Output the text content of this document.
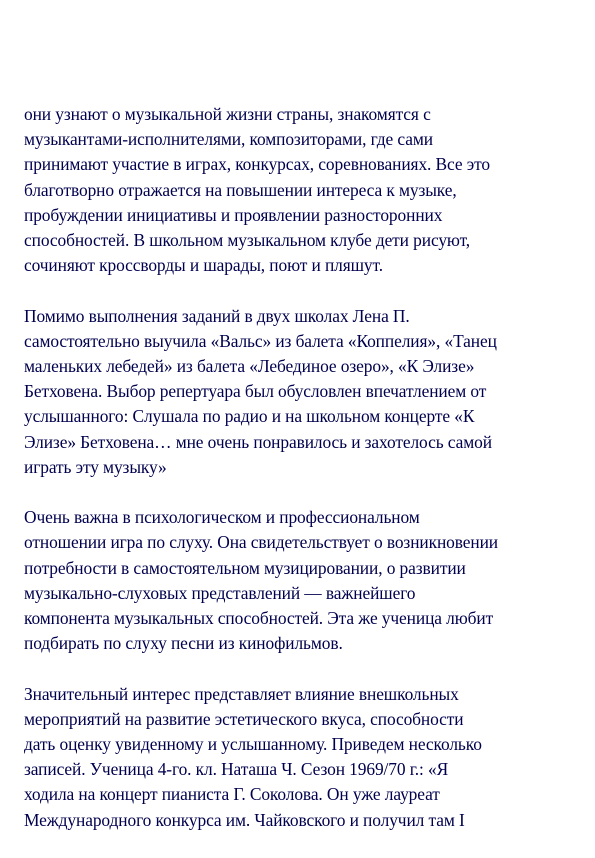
они узнают о музыкальной жизни страны, знакомятся с
музыкантами-исполнителями, композиторами, где сами
принимают участие в играх, конкурсах, соревнованиях. Все это
благотворно отражается на повышении интереса к музыке,
пробуждении инициативы и проявлении разносторонних
способностей. В школьном музыкальном клубе дети рисуют,
сочиняют кроссворды и шарады, поют и пляшут.

Помимо выполнения заданий в двух школах Лена П.
самостоятельно выучила «Вальс» из балета «Коппелия», «Танец
маленьких лебедей» из балета «Лебединое озеро», «К Элизе»
Бетховена. Выбор репертуара был обусловлен впечатлением от
услышанного: Слушала по радио и на школьном концерте «К
Элизе» Бетховена… мне очень понравилось и захотелось самой
играть эту музыку»

Очень важна в психологическом и профессиональном
отношении игра по слуху. Она свидетельствует о возникновении
потребности в самостоятельном музицировании, о развитии
музыкально-слуховых представлений — важнейшего
компонента музыкальных способностей. Эта же ученица любит
подбирать по слуху песни из кинофильмов.

Значительный интерес представляет влияние внешкольных
мероприятий на развитие эстетического вкуса, способности
дать оценку увиденному и услышанному. Приведем несколько
записей. Ученица 4-го. кл. Наташа Ч. Сезон 1969/70 г.: «Я
ходила на концерт пианиста Г. Соколова. Он уже лауреат
Международного конкурса им. Чайковского и получил там I
